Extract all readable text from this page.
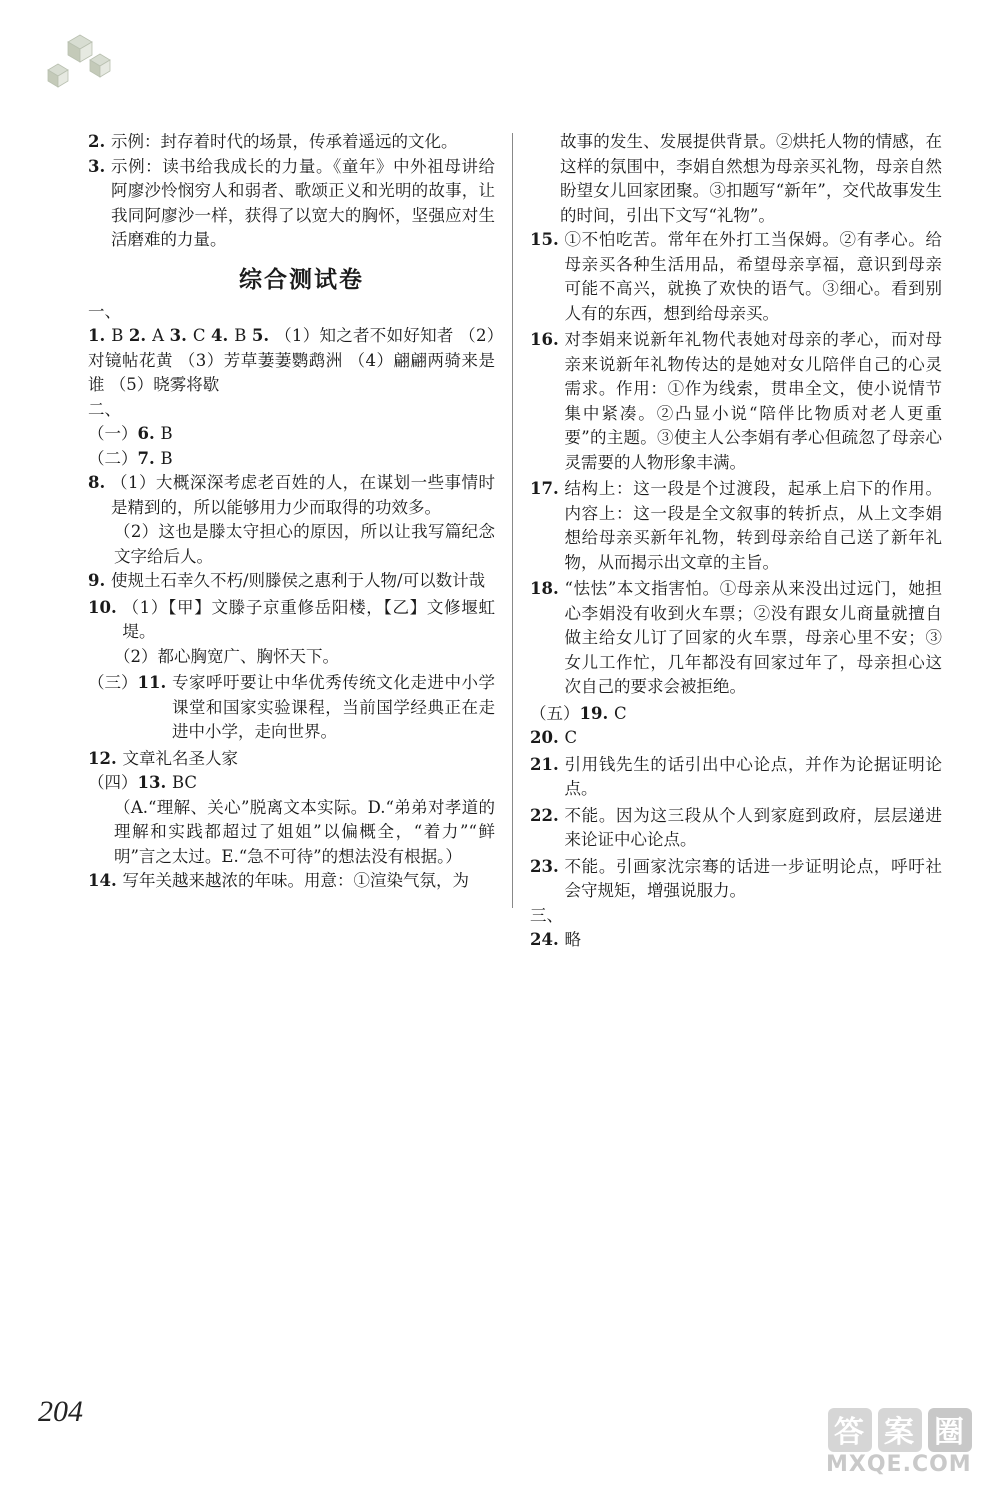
2. 示例：封存着时代的场景，传承着遥远的文化。
3. 示例：读书给我成长的力量。《童年》中外祖母讲给阿廖沙怜悯穷人和弱者、歌颂正义和光明的故事，让我同阿廖沙一样，获得了以宽大的胸怀，坚强应对生活磨难的力量。
综合测试卷
一、
1. B 2. A 3. C 4. B 5. （1）知之者不如好知者 （2）对镜帖花黄 （3）芳草萋萋鹦鹉洲 （4）翩翩两骑来是谁 （5）晓雾将歇
二、
（一） 6. B
（二） 7. B
8. （1）大概深深考虑老百姓的人，在谋划一些事情时是精到的，所以能够用力少而取得的功效多。
（2）这也是滕太守担心的原因，所以让我写篇纪念文字给后人。
9. 使规土石幸久不朽/则滕侯之惠利于人物/可以数计哉
10. （1）【甲】文滕子京重修岳阳楼，【乙】文修堰虹堤。
（2）都心胸宽广、胸怀天下。
（三） 11. 专家呼吁要让中华优秀传统文化走进中小学课堂和国家实验课程，当前国学经典正在走进中小学，走向世界。
12. 文章礼名圣人家
（四） 13. BC
（A.“理解、关心”脱离文本实际。D.“弟弟对孝道的理解和实践都超过了姐姐”以偏概全，“着力”“鲜明”言之太过。E.“急不可待”的想法没有根据。）
14. 写年关越来越浓的年味。用意：①渲染气氛，为
故事的发生、发展提供背景。②烘托人物的情感，在这样的氛围中，李娟自然想为母亲买礼物，母亲自然盼望女儿回家团聚。③扣题写“新年”，交代故事发生的时间，引出下文写“礼物”。
15. ①不怕吃苦。常年在外打工当保姆。②有孝心。给母亲买各种生活用品，希望母亲享福，意识到母亲可能不高兴，就换了欢快的语气。③细心。看到别人有的东西，想到给母亲买。
16. 对李娟来说新年礼物代表她对母亲的孝心，而对母亲来说新年礼物传达的是她对女儿陪伴自己的心灵需求。作用：①作为线索，贯串全文，使小说情节集中紧凑。②凸显小说“陪伴比物质对老人更重要”的主题。③使主人公李娟有孝心但疏忽了母亲心灵需要的人物形象丰满。
17. 结构上：这一段是个过渡段，起承上启下的作用。内容上：这一段是全文叙事的转折点，从上文李娟想给母亲买新年礼物，转到母亲给自己送了新年礼物，从而揭示出文章的主旨。
18. “怯怯”本文指害怕。①母亲从来没出过远门，她担心李娟没有收到火车票；②没有跟女儿商量就擅自做主给女儿订了回家的火车票，母亲心里不安；③女儿工作忙，几年都没有回家过年了，母亲担心这次自己的要求会被拒绝。
（五） 19. C
20. C
21. 引用钱先生的话引出中心论点，并作为论据证明论点。
22. 不能。因为这三段从个人到家庭到政府，层层递进来论证中心论点。
23. 不能。引画家沈宗骞的话进一步证明论点，呼吁社会守规矩，增强说服力。
三、
24. 略
204
答 案 圈
MXQE.COM
